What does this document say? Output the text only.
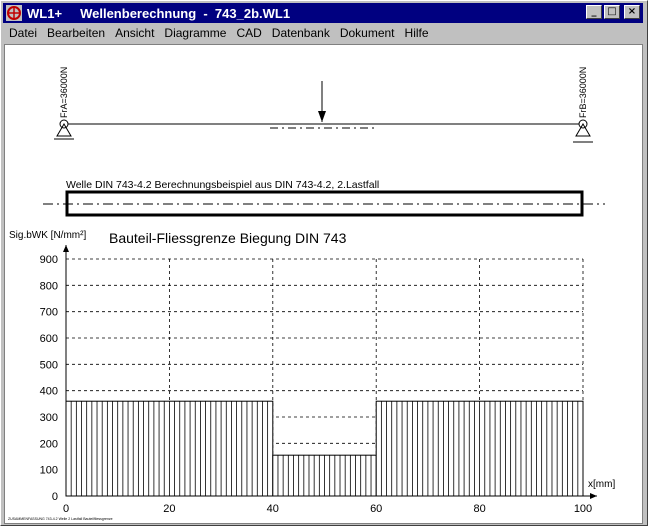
WL1+     Wellenberechnung  -  743_2b.WL1	_ □ ×
Datei Bearbeiten Ansicht Diagramme CAD Datenbank Dokument Hilfe
FrA=36000N	FrB=36000N
Welle DIN 743-4.2 Berechnungsbeispiel aus DIN 743-4.2, 2.Lastfall
Sig.bWK [N/mm²] Bauteil-Fliessgrenze Biegung DIN 743
x[mm]
0
100
200
300
400
500
600
700
800
900
0	20	40	60	80	100
ZUSAMMENFASSUNG 743-4.2 Welle 2 Lastfall Bauteilfliessgrenze
